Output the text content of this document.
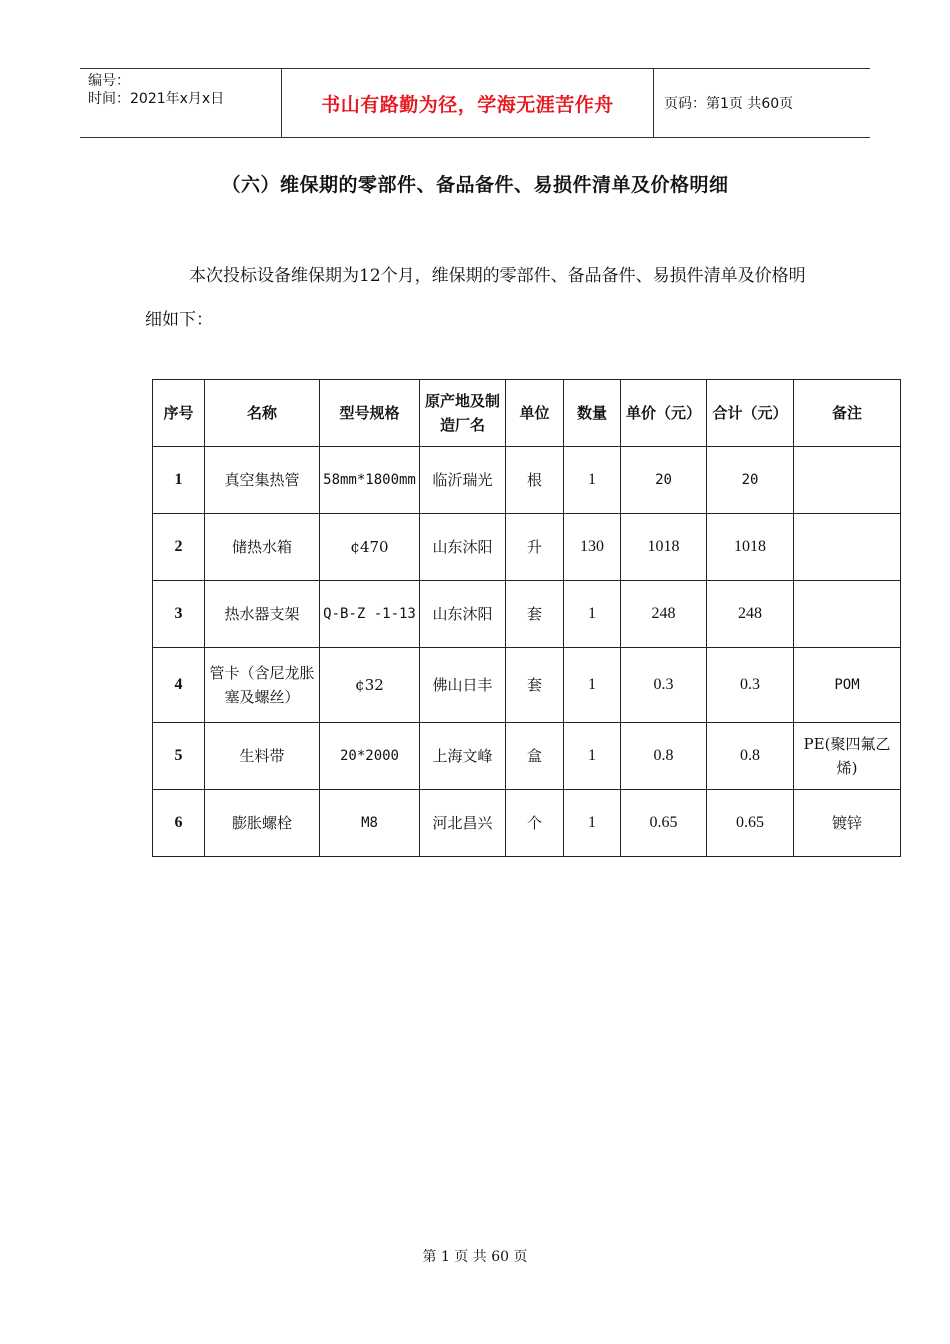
编号：
时间：2021年x月x日	书山有路勤为径，学海无涯苦作舟	页码：第1页 共60页
（六）维保期的零部件、备品备件、易损件清单及价格明细

本次投标设备维保期为12个月，维保期的零部件、备品备件、易损件清单及价格明细如下：

序号	名称	型号规格	原产地及制造厂名	单位	数量	单价（元）	合计（元）	备注
1	真空集热管	58mm*1800mm	临沂瑞光	根	1	20	20	
2	储热水箱	¢470	山东沐阳	升	130	1018	1018	
3	热水器支架	Q-B-Z -1-13	山东沐阳	套	1	248	248	
4	管卡（含尼龙胀塞及螺丝）	¢32	佛山日丰	套	1	0.3	0.3	POM
5	生料带	20*2000	上海文峰	盒	1	0.8	0.8	PE(聚四氟乙烯)
6	膨胀螺栓	M8	河北昌兴	个	1	0.65	0.65	镀锌
第 1 页 共 60 页
